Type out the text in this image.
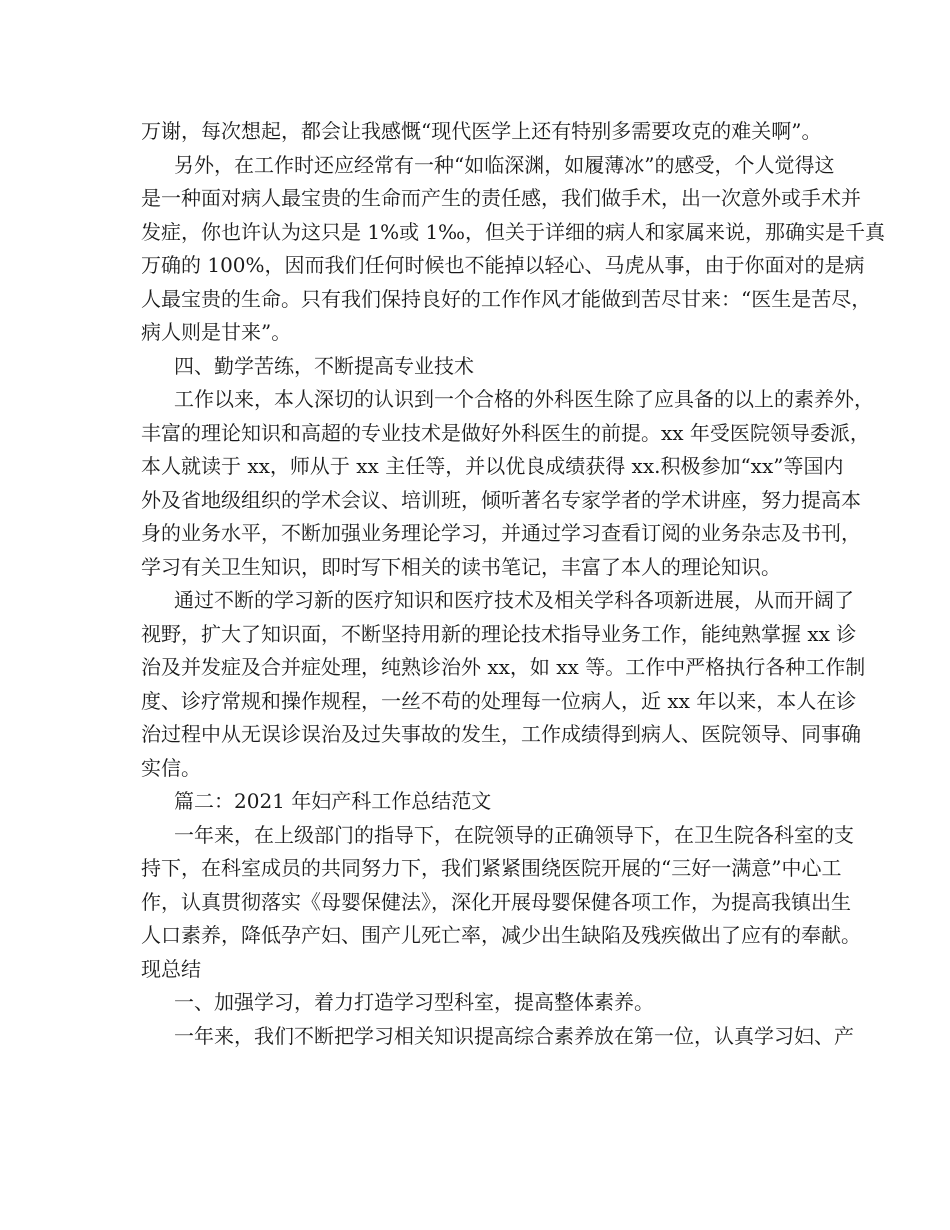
万谢，每次想起，都会让我感慨“现代医学上还有特别多需要攻克的难关啊”。
另外，在工作时还应经常有一种“如临深渊，如履薄冰”的感受，个人觉得这
是一种面对病人最宝贵的生命而产生的责任感，我们做手术，出一次意外或手术并
发症，你也许认为这只是 1%或 1‰，但关于详细的病人和家属来说，那确实是千真
万确的 100%，因而我们任何时候也不能掉以轻心、马虎从事，由于你面对的是病
人最宝贵的生命。只有我们保持良好的工作作风才能做到苦尽甘来：“医生是苦尽，
病人则是甘来”。
四、勤学苦练，不断提高专业技术
工作以来，本人深切的认识到一个合格的外科医生除了应具备的以上的素养外，
丰富的理论知识和高超的专业技术是做好外科医生的前提。xx 年受医院领导委派，
本人就读于 xx，师从于 xx 主任等，并以优良成绩获得 xx.积极参加“xx”等国内
外及省地级组织的学术会议、培训班，倾听著名专家学者的学术讲座，努力提高本
身的业务水平，不断加强业务理论学习，并通过学习查看订阅的业务杂志及书刊，
学习有关卫生知识，即时写下相关的读书笔记，丰富了本人的理论知识。
通过不断的学习新的医疗知识和医疗技术及相关学科各项新进展，从而开阔了
视野，扩大了知识面，不断坚持用新的理论技术指导业务工作，能纯熟掌握 xx 诊
治及并发症及合并症处理，纯熟诊治外 xx，如 xx 等。工作中严格执行各种工作制
度、诊疗常规和操作规程，一丝不苟的处理每一位病人，近 xx 年以来，本人在诊
治过程中从无误诊误治及过失事故的发生，工作成绩得到病人、医院领导、同事确
实信。
篇二：2021 年妇产科工作总结范文
一年来，在上级部门的指导下，在院领导的正确领导下，在卫生院各科室的支
持下，在科室成员的共同努力下，我们紧紧围绕医院开展的“三好一满意”中心工
作，认真贯彻落实《母婴保健法》，深化开展母婴保健各项工作，为提高我镇出生
人口素养，降低孕产妇、围产儿死亡率，减少出生缺陷及残疾做出了应有的奉献。
现总结
一、加强学习，着力打造学习型科室，提高整体素养。
一年来，我们不断把学习相关知识提高综合素养放在第一位，认真学习妇、产
